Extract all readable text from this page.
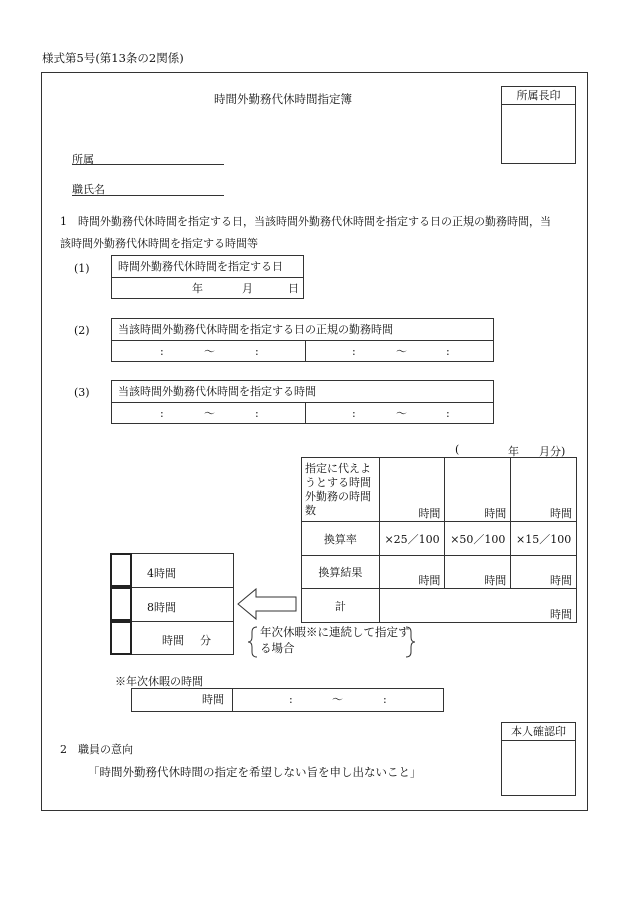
様式第5号(第13条の2関係)
時間外勤務代休時間指定簿	所属長印
所属
職氏名
1　時間外勤務代休時間を指定する日，当該時間外勤務代休時間を指定する日の正規の勤務時間，当
該時間外勤務代休時間を指定する時間等
(1)	時間外勤務代休時間を指定する日
年	月	日
(2)	当該時間外勤務代休時間を指定する日の正規の勤務時間
:	～	:	:	～	:
(3)	当該時間外勤務代休時間を指定する時間
:	～	:	:	～	:
(	年 月分)
指定に代えようとする時間外勤務の時間数	時間	時間	時間
換算率	×25／100	×50／100	×15／100
換算結果	時間	時間	時間
計	時間		
4時間
8時間
時間 分
年次休暇※に連続して指定する場合
※年次休暇の時間
時間	:	～	:
2　職員の意向
「時間外勤務代休時間の指定を希望しない旨を申し出ないこと」
本人確認印
